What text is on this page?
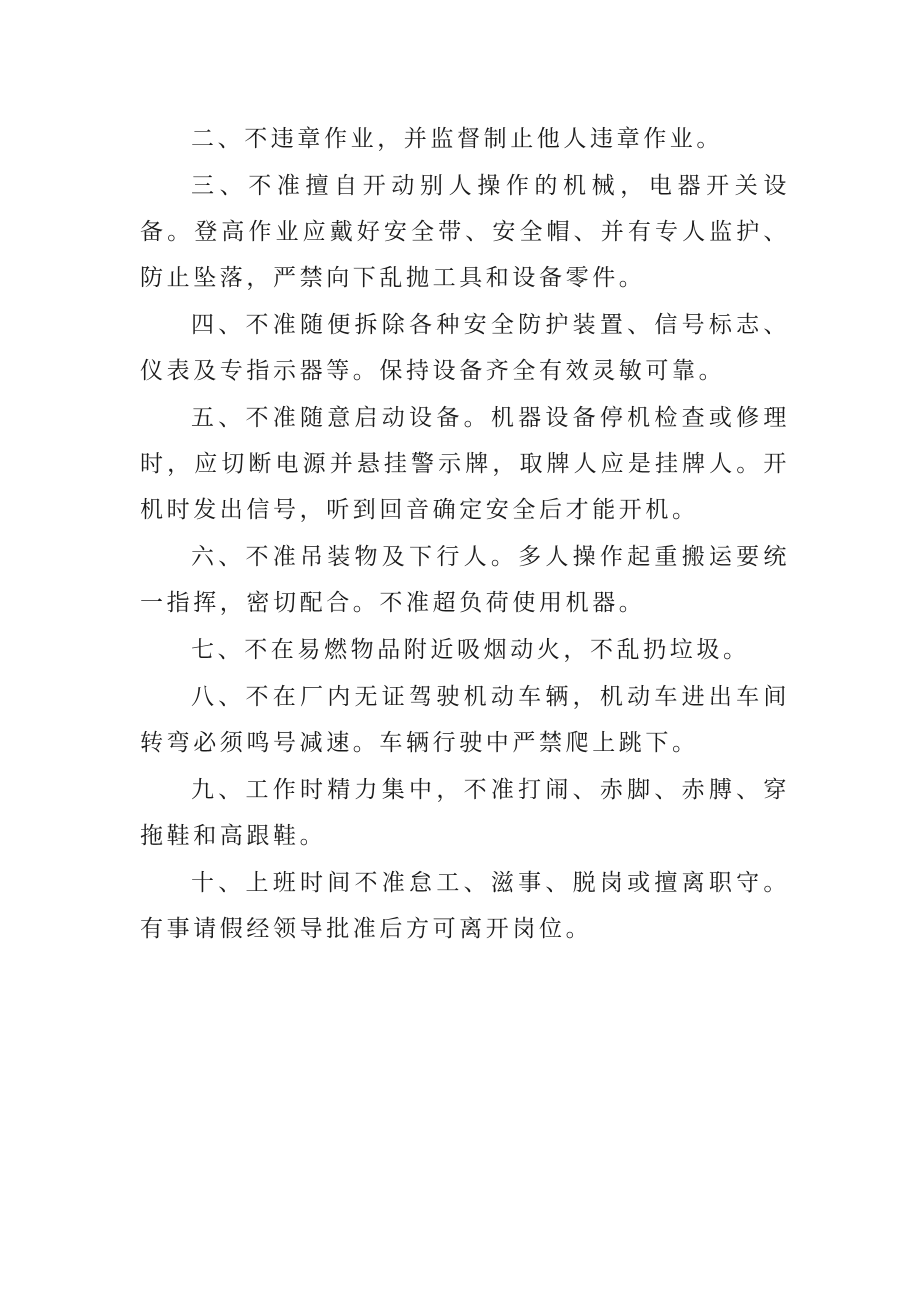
二、不违章作业，并监督制止他人违章作业。

三、不准擅自开动别人操作的机械，电器开关设备。登高作业应戴好安全带、安全帽、并有专人监护、防止坠落，严禁向下乱抛工具和设备零件。

四、不准随便拆除各种安全防护装置、信号标志、仪表及专指示器等。保持设备齐全有效灵敏可靠。

五、不准随意启动设备。机器设备停机检查或修理时，应切断电源并悬挂警示牌，取牌人应是挂牌人。开机时发出信号，听到回音确定安全后才能开机。

六、不准吊装物及下行人。多人操作起重搬运要统一指挥，密切配合。不准超负荷使用机器。

七、不在易燃物品附近吸烟动火，不乱扔垃圾。

八、不在厂内无证驾驶机动车辆，机动车进出车间转弯必须鸣号减速。车辆行驶中严禁爬上跳下。

九、工作时精力集中，不准打闹、赤脚、赤膊、穿拖鞋和高跟鞋。

十、上班时间不准怠工、滋事、脱岗或擅离职守。有事请假经领导批准后方可离开岗位。
